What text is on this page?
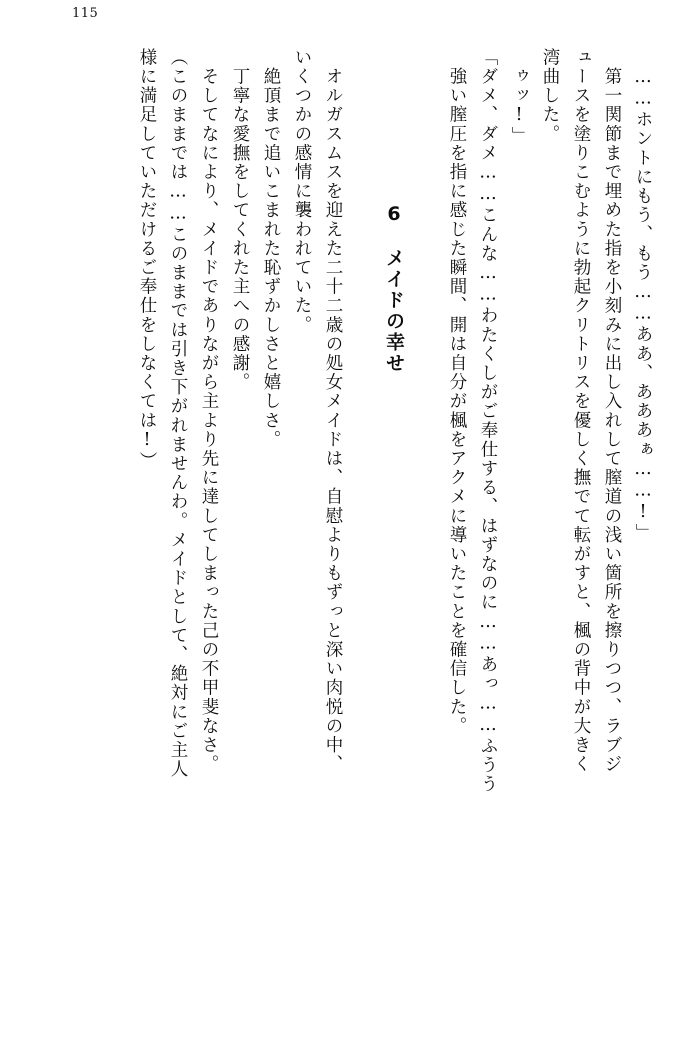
115
……ホントにもう、もう……ああ、あああぁ……!」
　第一関節まで埋めた指を小刻みに出し入れして膣道の浅い箇所を擦りつつ、ラブジ
ュースを塗りこむように勃起クリトリスを優しく撫でて転がすと、楓の背中が大きく
湾曲した。
ゥッ!」
「ダメ、ダメ……こんな……わたくしがご奉仕する、はずなのに……あっ……ふうう
　強い膣圧を指に感じた瞬間、開は自分が楓をアクメに導いたことを確信した。
6　メイドの幸せ
　オルガスムスを迎えた二十二歳の処女メイドは、自慰よりもずっと深い肉悦の中、
いくつかの感情に襲われていた。
　絶頂まで追いこまれた恥ずかしさと嬉しさ。
　丁寧な愛撫をしてくれた主への感謝。
　そしてなにより、メイドでありながら主より先に達してしまった己の不甲斐なさ。
（このままでは……このままでは引き下がれませんわ。メイドとして、絶対にご主人
様に満足していただけるご奉仕をしなくては!）
